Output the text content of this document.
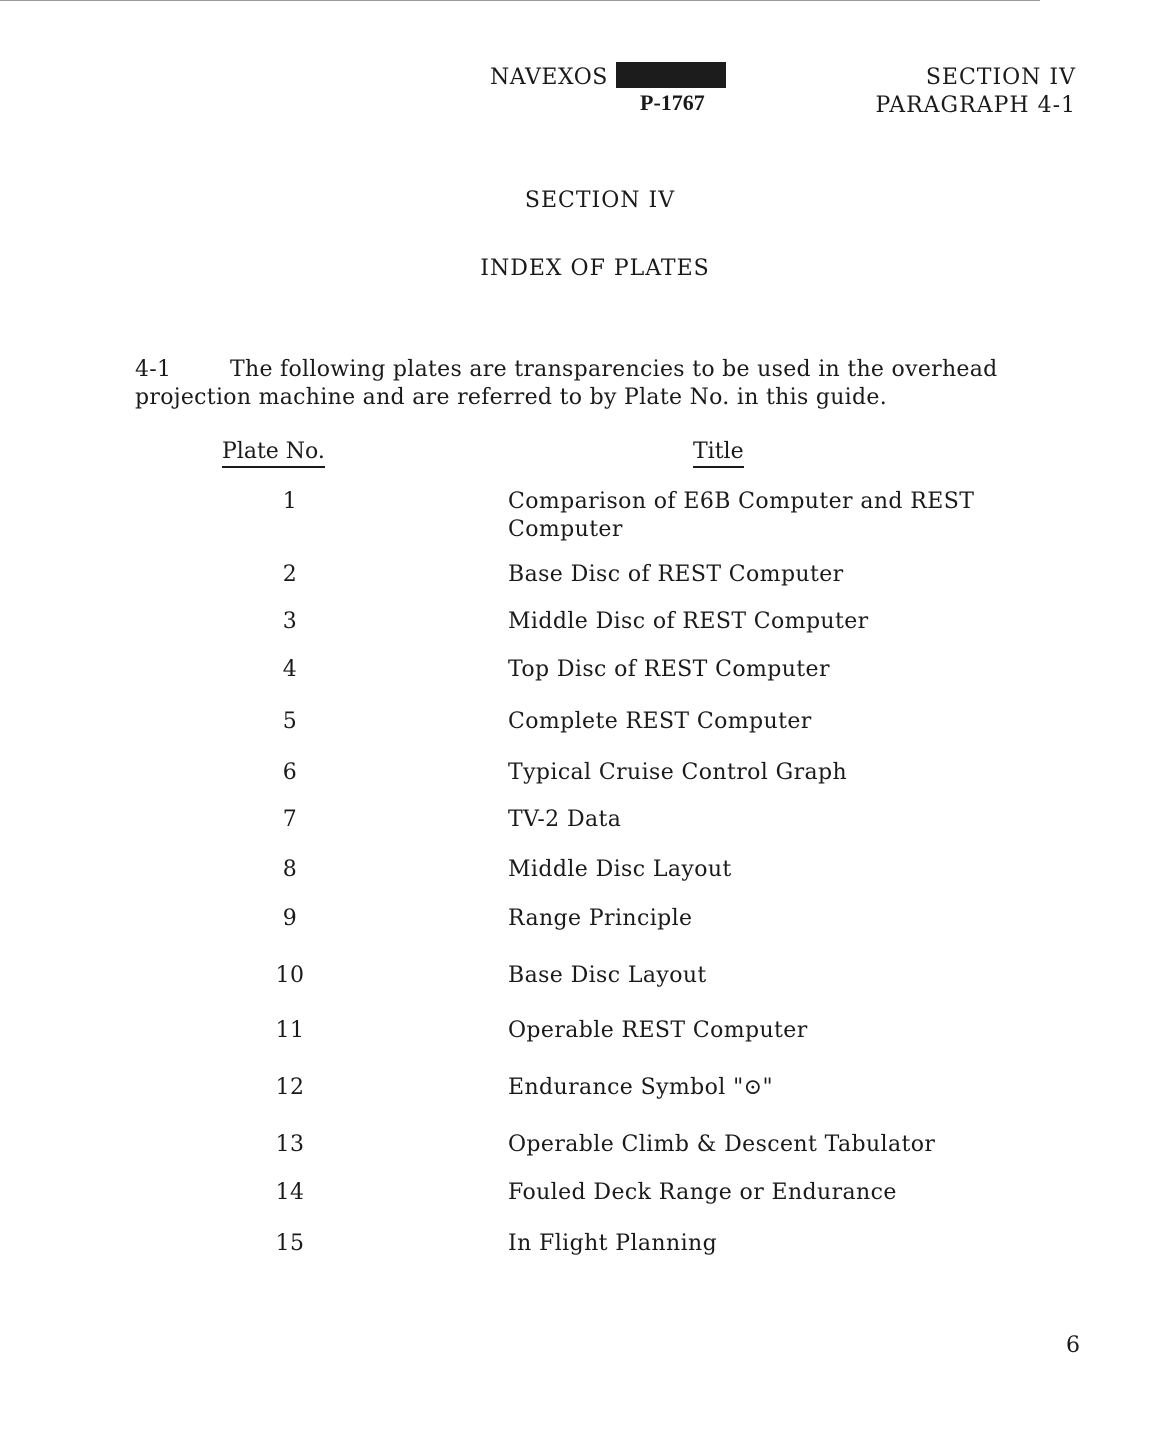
NAVEXOS
P-1767
SECTION IV
PARAGRAPH 4-1
SECTION IV
INDEX OF PLATES
4-1	The following plates are transparencies to be used in the overhead projection machine and are referred to by Plate No. in this guide.
Plate No.	Title
1	Comparison of E6B Computer and REST Computer
2	Base Disc of REST Computer
3	Middle Disc of REST Computer
4	Top Disc of REST Computer
5	Complete REST Computer
6	Typical Cruise Control Graph
7	TV-2 Data
8	Middle Disc Layout
9	Range Principle
10	Base Disc Layout
11	Operable REST Computer
12	Endurance Symbol "⊙"
13	Operable Climb & Descent Tabulator
14	Fouled Deck Range or Endurance
15	In Flight Planning
6
